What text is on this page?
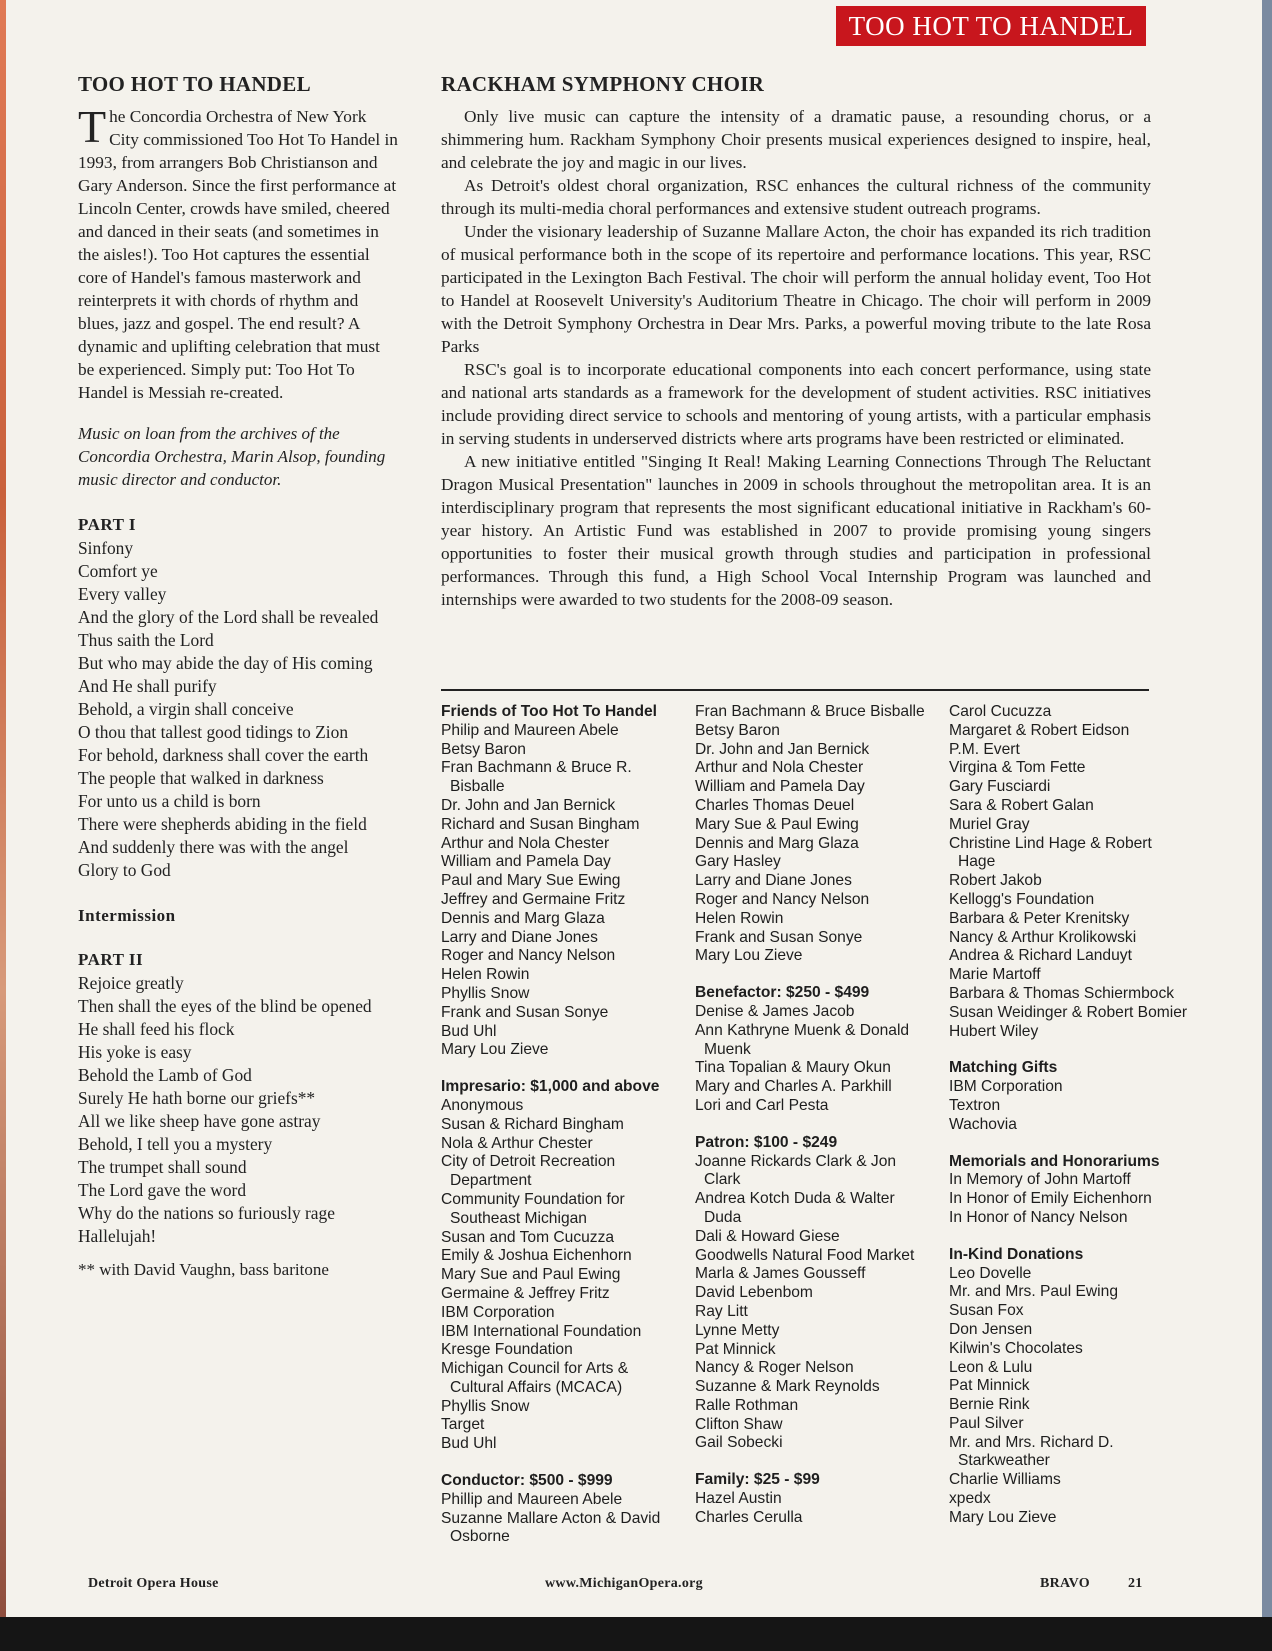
TOO HOT TO HANDEL
TOO HOT TO HANDEL

The Concordia Orchestra of New York City commissioned Too Hot To Handel in 1993, from arrangers Bob Christianson and Gary Anderson. Since the first performance at Lincoln Center, crowds have smiled, cheered and danced in their seats (and sometimes in the aisles!). Too Hot captures the essential core of Handel's famous masterwork and reinterprets it with chords of rhythm and blues, jazz and gospel. The end result? A dynamic and uplifting celebration that must be experienced. Simply put: Too Hot To Handel is Messiah re-created.

Music on loan from the archives of the Concordia Orchestra, Marin Alsop, founding music director and conductor.

PART I
Sinfony
Comfort ye
Every valley
And the glory of the Lord shall be revealed
Thus saith the Lord
But who may abide the day of His coming
And He shall purify
Behold, a virgin shall conceive
O thou that tallest good tidings to Zion
For behold, darkness shall cover the earth
The people that walked in darkness
For unto us a child is born
There were shepherds abiding in the field
And suddenly there was with the angel
Glory to God
Intermission
PART II
Rejoice greatly
Then shall the eyes of the blind be opened
He shall feed his flock
His yoke is easy
Behold the Lamb of God
Surely He hath borne our griefs**
All we like sheep have gone astray
Behold, I tell you a mystery
The trumpet shall sound
The Lord gave the word
Why do the nations so furiously rage
Hallelujah!
** with David Vaughn, bass baritone
RACKHAM SYMPHONY CHOIR

Only live music can capture the intensity of a dramatic pause, a resounding chorus, or a shimmering hum. Rackham Symphony Choir presents musical experiences designed to inspire, heal, and celebrate the joy and magic in our lives.

As Detroit's oldest choral organization, RSC enhances the cultural richness of the community through its multi-media choral performances and extensive student outreach programs.

Under the visionary leadership of Suzanne Mallare Acton, the choir has expanded its rich tradition of musical performance both in the scope of its repertoire and performance locations. This year, RSC participated in the Lexington Bach Festival. The choir will perform the annual holiday event, Too Hot to Handel at Roosevelt University's Auditorium Theatre in Chicago. The choir will perform in 2009 with the Detroit Symphony Orchestra in Dear Mrs. Parks, a powerful moving tribute to the late Rosa Parks

RSC's goal is to incorporate educational components into each concert performance, using state and national arts standards as a framework for the development of student activities. RSC initiatives include providing direct service to schools and mentoring of young artists, with a particular emphasis in serving students in underserved districts where arts programs have been restricted or eliminated.

A new initiative entitled "Singing It Real! Making Learning Connections Through The Reluctant Dragon Musical Presentation" launches in 2009 in schools throughout the metropolitan area. It is an interdisciplinary program that represents the most significant educational initiative in Rackham's 60-year history. An Artistic Fund was established in 2007 to provide promising young singers opportunities to foster their musical growth through studies and participation in professional performances. Through this fund, a High School Vocal Internship Program was launched and internships were awarded to two students for the 2008-09 season.

Friends of Too Hot To Handel
Philip and Maureen Abele
Betsy Baron
Fran Bachmann & Bruce R. Bisballe
Dr. John and Jan Bernick
Richard and Susan Bingham
Arthur and Nola Chester
William and Pamela Day
Paul and Mary Sue Ewing
Jeffrey and Germaine Fritz
Dennis and Marg Glaza
Larry and Diane Jones
Roger and Nancy Nelson
Helen Rowin
Phyllis Snow
Frank and Susan Sonye
Bud Uhl
Mary Lou Zieve
Impresario: $1,000 and above
Anonymous
Susan & Richard Bingham
Nola & Arthur Chester
City of Detroit Recreation Department
Community Foundation for Southeast Michigan
Susan and Tom Cucuzza
Emily & Joshua Eichenhorn
Mary Sue and Paul Ewing
Germaine & Jeffrey Fritz
IBM Corporation
IBM International Foundation
Kresge Foundation
Michigan Council for Arts & Cultural Affairs (MCACA)
Phyllis Snow
Target
Bud Uhl
Conductor: $500 - $999
Phillip and Maureen Abele
Suzanne Mallare Acton & David Osborne
Fran Bachmann & Bruce Bisballe
Betsy Baron
Dr. John and Jan Bernick
Arthur and Nola Chester
William and Pamela Day
Charles Thomas Deuel
Mary Sue & Paul Ewing
Dennis and Marg Glaza
Gary Hasley
Larry and Diane Jones
Roger and Nancy Nelson
Helen Rowin
Frank and Susan Sonye
Mary Lou Zieve
Benefactor: $250 - $499
Denise & James Jacob
Ann Kathryne Muenk & Donald Muenk
Tina Topalian & Maury Okun
Mary and Charles A. Parkhill
Lori and Carl Pesta
Patron: $100 - $249
Joanne Rickards Clark & Jon Clark
Andrea Kotch Duda & Walter Duda
Dali & Howard Giese
Goodwells Natural Food Market
Marla & James Gousseff
David Lebenbom
Ray Litt
Lynne Metty
Pat Minnick
Nancy & Roger Nelson
Suzanne & Mark Reynolds
Ralle Rothman
Clifton Shaw
Gail Sobecki
Family: $25 - $99
Hazel Austin
Charles Cerulla
Carol Cucuzza
Margaret & Robert Eidson
P.M. Evert
Virgina & Tom Fette
Gary Fusciardi
Sara & Robert Galan
Muriel Gray
Christine Lind Hage & Robert Hage
Robert Jakob
Kellogg's Foundation
Barbara & Peter Krenitsky
Nancy & Arthur Krolikowski
Andrea & Richard Landuyt
Marie Martoff
Barbara & Thomas Schiermbock
Susan Weidinger & Robert Bomier
Hubert Wiley
Matching Gifts
IBM Corporation
Textron
Wachovia
Memorials and Honorariums
In Memory of John Martoff
In Honor of Emily Eichenhorn
In Honor of Nancy Nelson
In-Kind Donations
Leo Dovelle
Mr. and Mrs. Paul Ewing
Susan Fox
Don Jensen
Kilwin's Chocolates
Leon & Lulu
Pat Minnick
Bernie Rink
Paul Silver
Mr. and Mrs. Richard D. Starkweather
Charlie Williams
xpedx
Mary Lou Zieve
Detroit Opera House	www.MichiganOpera.org	BRAVO	21
